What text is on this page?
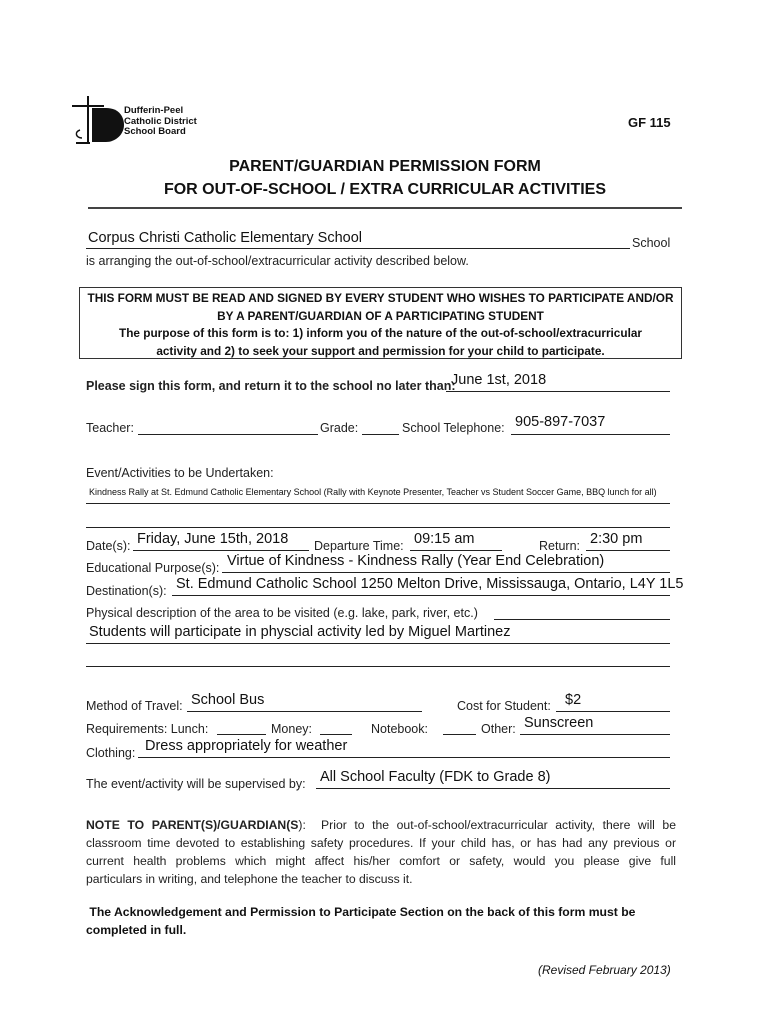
Dufferin-Peel
Catholic District
School Board
GF 115
PARENT/GUARDIAN PERMISSION FORM
FOR OUT-OF-SCHOOL / EXTRA CURRICULAR ACTIVITIES
Corpus Christi Catholic Elementary School	School
is arranging the out-of-school/extracurricular activity described below.
THIS FORM MUST BE READ AND SIGNED BY EVERY STUDENT WHO WISHES TO PARTICIPATE AND/OR
BY A PARENT/GUARDIAN OF A PARTICIPATING STUDENT
The purpose of this form is to: 1) inform you of the nature of the out-of-school/extracurricular
activity and 2) to seek your support and permission for your child to participate.
Please sign this form, and return it to the school no later than:
June 1st, 2018
Teacher:	Grade:	School Telephone: 905-897-7037
Event/Activities to be Undertaken:
Kindness Rally at St. Edmund Catholic Elementary School (Rally with Keynote Presenter, Teacher vs Student Soccer Game, BBQ lunch for all)
Date(s): Friday, June 15th, 2018 Departure Time: 09:15 am	Return: 2:30 pm
Educational Purpose(s): Virtue of Kindness - Kindness Rally (Year End Celebration)
Destination(s): St. Edmund Catholic School 1250 Melton Drive, Mississauga, Ontario, L4Y 1L5
Physical description of the area to be visited (e.g. lake, park, river, etc.)
Students will participate in physcial activity led by Miguel Martinez
Method of Travel: School Bus	Cost for Student: $2
Requirements: Lunch:	Money:	Notebook:	Other: Sunscreen
Clothing: Dress appropriately for weather
The event/activity will be supervised by: All School Faculty (FDK to Grade 8)
NOTE TO PARENT(S)/GUARDIAN(S): Prior to the out-of-school/extracurricular activity, there will be
classroom time devoted to establishing safety procedures. If your child has, or has had any previous or
current health problems which might affect his/her comfort or safety, would you please give full
particulars in writing, and telephone the teacher to discuss it.
The Acknowledgement and Permission to Participate Section on the back of this form must be
completed in full.
(Revised February 2013)
